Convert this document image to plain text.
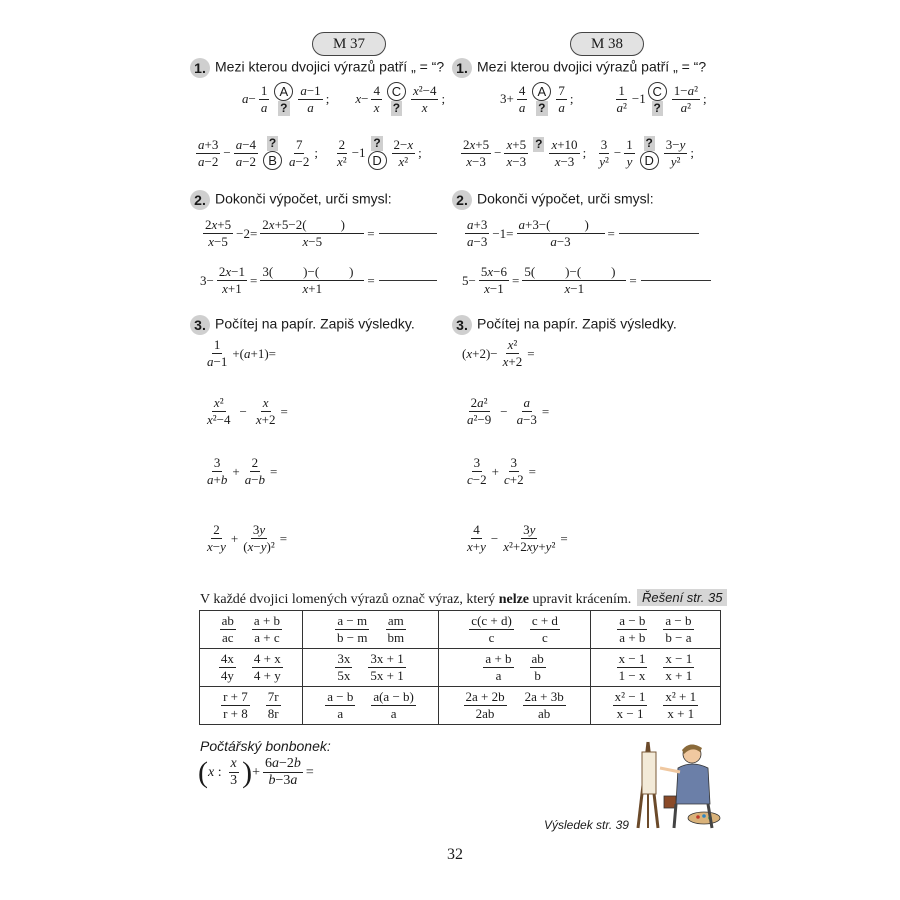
M 37	M 38
1. Mezi kterou dvojici výrazů patří „ = “?
a −
1
a
A
?
a−1
a
; x −
4
x
C
?
x²−4
x
;
a+3
a−2
−
a−4
a−2
?
B
7
a−2
;
2
x²
−1
?
D
2−x
x²
;
1. Mezi kterou dvojici výrazů patří „ = “?
3+
4
a
A
?
7
a
;
1
a²
−1 C
?
1−a²
a²
;
2x+5
x−3
−
x+5
x−3
? x+10
x−3
;
3
y²
−
1
y
?
D
3−y
y²
;
2. Dokonči výpočet, urči smysl:	2. Dokonči výpočet, urči smysl:
2x+5
x−5
−2=
2x+5−2(	)
x−5
=
3−
2x−1
x+1
=
3( )−( )
x+1
=
a+3
a−3
−1=
a+3−(	)
a−3
=
5−
5x−6
x−1
=
5( )−( )
x−1
=
3. Počítej na papír. Zapiš výsledky.	3. Počítej na papír. Zapiš výsledky.
1
a−1
+( a +1)=
x²
x²−4
− $\frac{x}{x+2}$ =
3
a+b
+
2
a−b
=
2
x−y
+
3y
(x−y)²
=
( x +2)−
x²
x+2
=
2a²
a²−9
− $\frac{a}{a-3}$ =
3
c−2
+
3
c+2
=
4
x+y
−
3y
x²+2xy+y²
=
V každé dvojici lomených výrazů označ výraz, který nelze upravit krácením. Řešení str. 35
$\frac{ab}{ac} \frac{a + b}{a + c}$	$\frac{a - m}{b - m} \frac{am}{bm}$	$\frac{c(c + d)}{c} \frac{c + d}{c}$	$\frac{a - b}{a + b} \frac{a - b}{b - a}$

$\frac{4x}{4y} \frac{4 + x}{4 + y}$	$\frac{3x}{5x} \frac{3x + 1}{5x + 1}$	$\frac{a + b}{a} \frac{ab}{b}$	$\frac{x - 1}{1 - x} \frac{x - 1}{x + 1}$

$\frac{r + 7}{r + 8} \frac{7r}{8r}$	$\frac{a - b}{a} \frac{a(a - b)}{a}$	$\frac{2a + 2b}{2ab} \frac{2a + 3b}{ab}$	$\frac{\text{x² − 1}}{x - 1} \frac{\text{x² + 1}}{x + 1}$
Počtářský bonbonek:
( x :
x
3 ) +
6a−2b
b−3a
=
Výsledek str. 39
32
